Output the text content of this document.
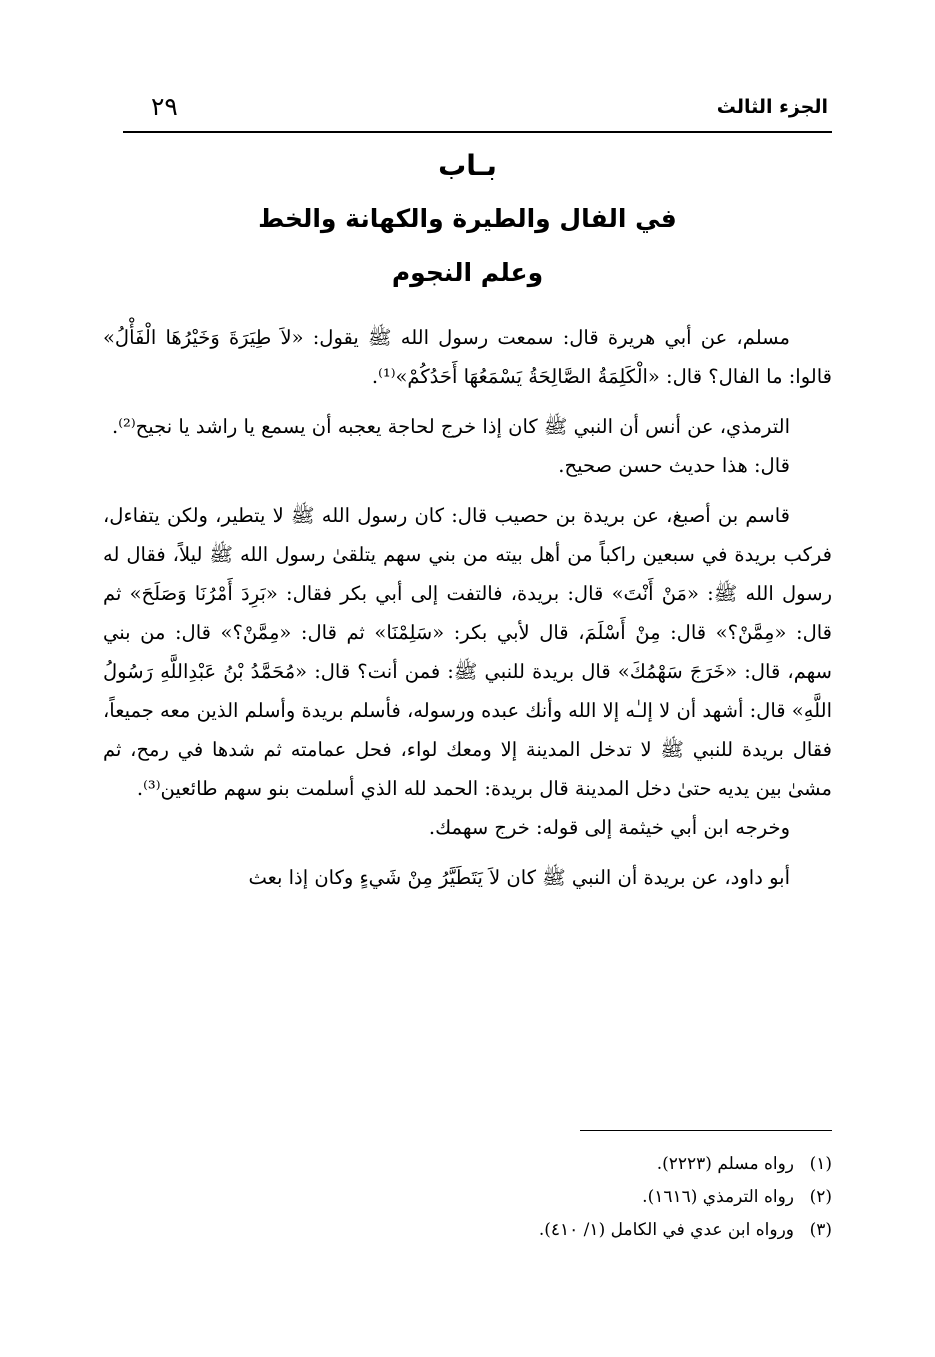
الجزء الثالث
٢٩
بـاب
في الفال والطيرة والكهانة والخط
وعلم النجوم

مسلم، عن أبي هريرة قال: سمعت رسول الله ﷺ يقول: «لاَ طِيَرَةَ وَخَيْرُهَا الْفَأْلُ» قالوا: ما الفال؟ قال: «الْكَلِمَةُ الصَّالِحَةُ يَسْمَعُهَا أَحَدُكُمْ»⁽¹⁾.

الترمذي، عن أنس أن النبي ﷺ كان إذا خرج لحاجة يعجبه أن يسمع يا راشد يا نجيح⁽²⁾.

قال: هذا حديث حسن صحيح.

قاسم بن أصبغ، عن بريدة بن حصيب قال: كان رسول الله ﷺ لا يتطير، ولكن يتفاءل، فركب بريدة في سبعين راكباً من أهل بيته من بني سهم يتلقىٰ رسول الله ﷺ ليلاً، فقال له رسول الله ﷺ: «مَنْ أَنْتَ» قال: بريدة، فالتفت إلى أبي بكر فقال: «بَرِدَ أَمْرُنَا وَصَلَحَ» ثم قال: «مِمَّنْ؟» قال: مِنْ أَسْلَمَ، قال لأبي بكر: «سَلِمْنَا» ثم قال: «مِمَّنْ؟» قال: من بني سهم، قال: «خَرَجَ سَهْمُكَ» قال بريدة للنبي ﷺ: فمن أنت؟ قال: «مُحَمَّدُ بْنُ عَبْدِاللَّهِ رَسُولُ اللَّهِ» قال: أشهد أن لا إلـٰه إلا الله وأنك عبده ورسوله، فأسلم بريدة وأسلم الذين معه جميعاً، فقال بريدة للنبي ﷺ لا تدخل المدينة إلا ومعك لواء، فحل عمامته ثم شدها في رمح، ثم مشىٰ بين يديه حتىٰ دخل المدينة قال بريدة: الحمد لله الذي أسلمت بنو سهم طائعين⁽³⁾.

وخرجه ابن أبي خيثمة إلى قوله: خرج سهمك.

أبو داود، عن بريدة أن النبي ﷺ كان لاَ يَتَطَيَّرُ مِنْ شَيءٍ وكان إذا بعث

(١)رواه مسلم (٢٢٢٣).
(٢)رواه الترمذي (١٦١٦).
(٣)ورواه ابن عدي في الكامل (١/ ٤١٠).
